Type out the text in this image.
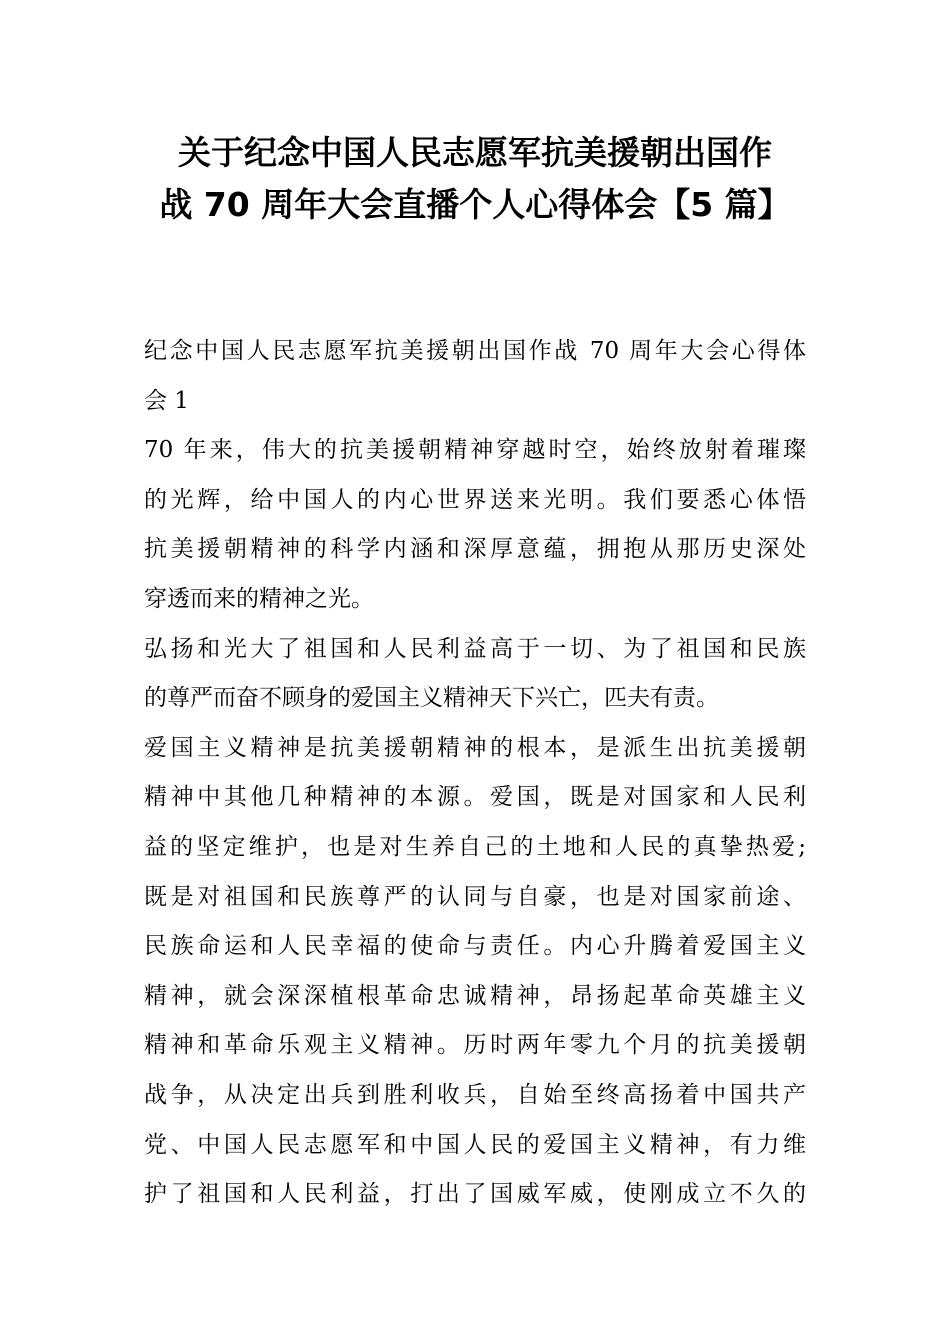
关于纪念中国人民志愿军抗美援朝出国作
战 70 周年大会直播个人心得体会【5 篇】
纪念中国人民志愿军抗美援朝出国作战 70 周年大会心得体
会 1
70 年来，伟大的抗美援朝精神穿越时空，始终放射着璀璨
的光辉，给中国人的内心世界送来光明。我们要悉心体悟
抗美援朝精神的科学内涵和深厚意蕴，拥抱从那历史深处
穿透而来的精神之光。
弘扬和光大了祖国和人民利益高于一切、为了祖国和民族
的尊严而奋不顾身的爱国主义精神天下兴亡，匹夫有责。
爱国主义精神是抗美援朝精神的根本，是派生出抗美援朝
精神中其他几种精神的本源。爱国，既是对国家和人民利
益的坚定维护，也是对生养自己的土地和人民的真挚热爱;
既是对祖国和民族尊严的认同与自豪，也是对国家前途、
民族命运和人民幸福的使命与责任。内心升腾着爱国主义
精神，就会深深植根革命忠诚精神，昂扬起革命英雄主义
精神和革命乐观主义精神。历时两年零九个月的抗美援朝
战争，从决定出兵到胜利收兵，自始至终高扬着中国共产
党、中国人民志愿军和中国人民的爱国主义精神，有力维
护了祖国和人民利益，打出了国威军威，使刚成立不久的
